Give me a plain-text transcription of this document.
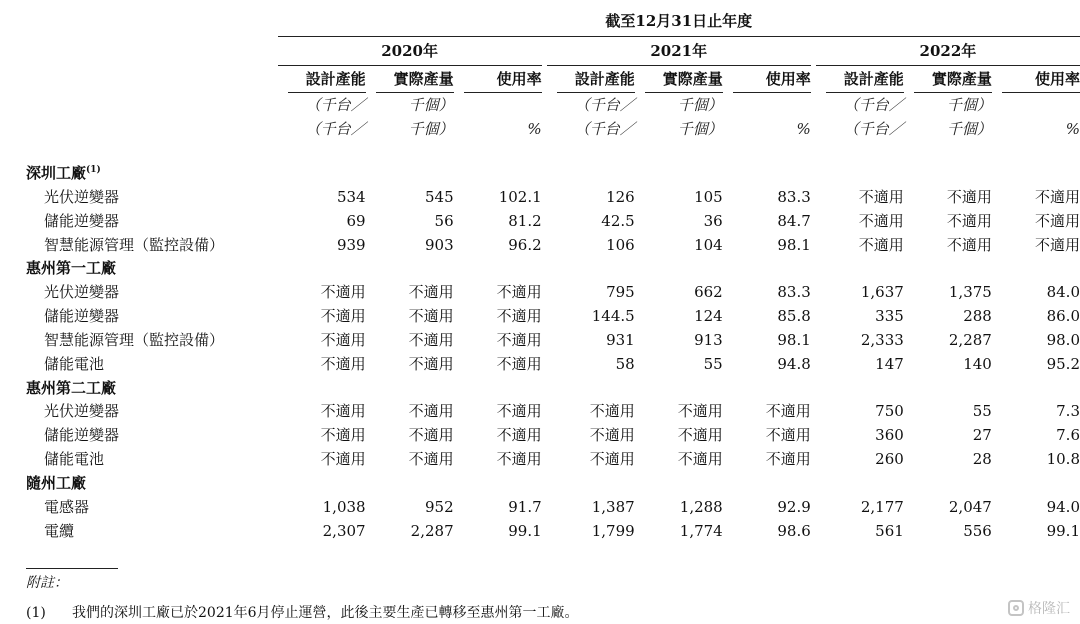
	截至12月31日止年度										
	2020年				2021年				2022年		
	設計產能	實際產量	使用率		設計產能	實際產量	使用率		設計產能	實際產量	使用率
	（千台／	千個）			（千台／	千個）			（千台／	千個）	
	（千台／	千個）	%		（千台／	千個）	%		（千台／	千個）	%

深圳工廠$^{(1)}$
光伏逆變器	534	545	102.1		126	105	83.3		不適用	不適用	不適用
儲能逆變器	69	56	81.2		42.5	36	84.7		不適用	不適用	不適用
智慧能源管理（監控設備）	939	903	96.2		106	104	98.1		不適用	不適用	不適用
惠州第一工廠											
光伏逆變器	不適用	不適用	不適用		795	662	83.3		1,637	1,375	84.0
儲能逆變器	不適用	不適用	不適用		144.5	124	85.8		335	288	86.0
智慧能源管理（監控設備）	不適用	不適用	不適用		931	913	98.1		2,333	2,287	98.0
儲能電池	不適用	不適用	不適用		58	55	94.8		147	140	95.2
惠州第二工廠											
光伏逆變器	不適用	不適用	不適用		不適用	不適用	不適用		750	55	7.3
儲能逆變器	不適用	不適用	不適用		不適用	不適用	不適用		360	27	7.6
儲能電池	不適用	不適用	不適用		不適用	不適用	不適用		260	28	10.8
隨州工廠											
電感器	1,038	952	91.7		1,387	1,288	92.9		2,177	2,047	94.0
電纜	2,307	2,287	99.1		1,799	1,774	98.6		561	556	99.1
附註：
(1) 我們的深圳工廠已於2021年6月停止運營，此後主要生產已轉移至惠州第一工廠。	格隆汇
